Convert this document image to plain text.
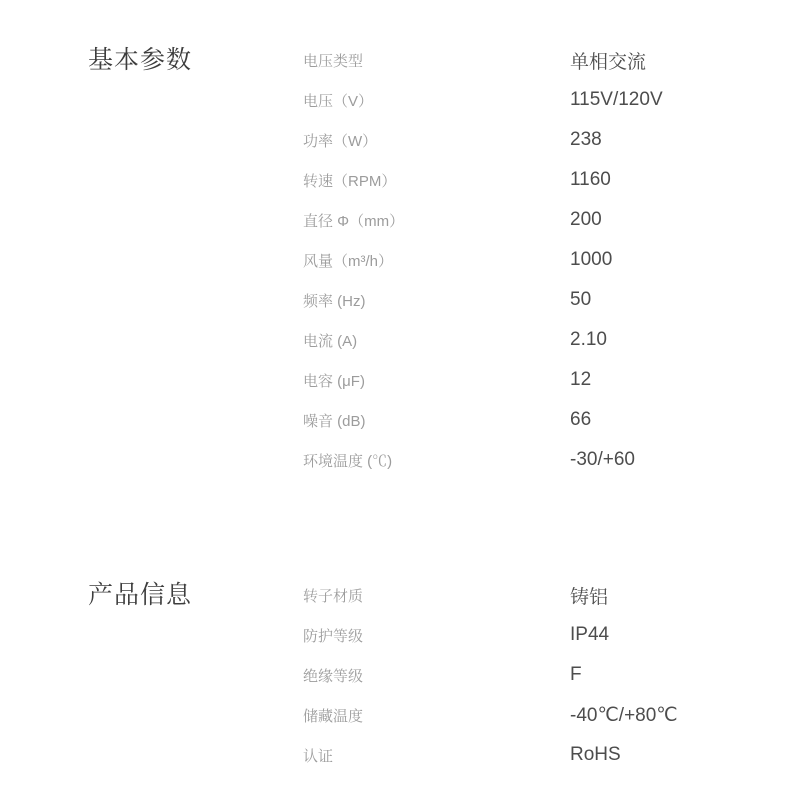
基本参数	电压类型	单相交流
电压（V）	115V/120V
功率（W）	238
转速（RPM）	1160
直径 Φ（mm）	200
风量（m³/h）	1000
频率 (Hz)	50
电流 (A)	2.10
电容 (μF)	12
噪音 (dB)	66
环境温度 (℃)	-30/+60
产品信息	转子材质	铸铝
防护等级	IP44
绝缘等级	F
储藏温度	-40℃/+80℃
认证	RoHS
